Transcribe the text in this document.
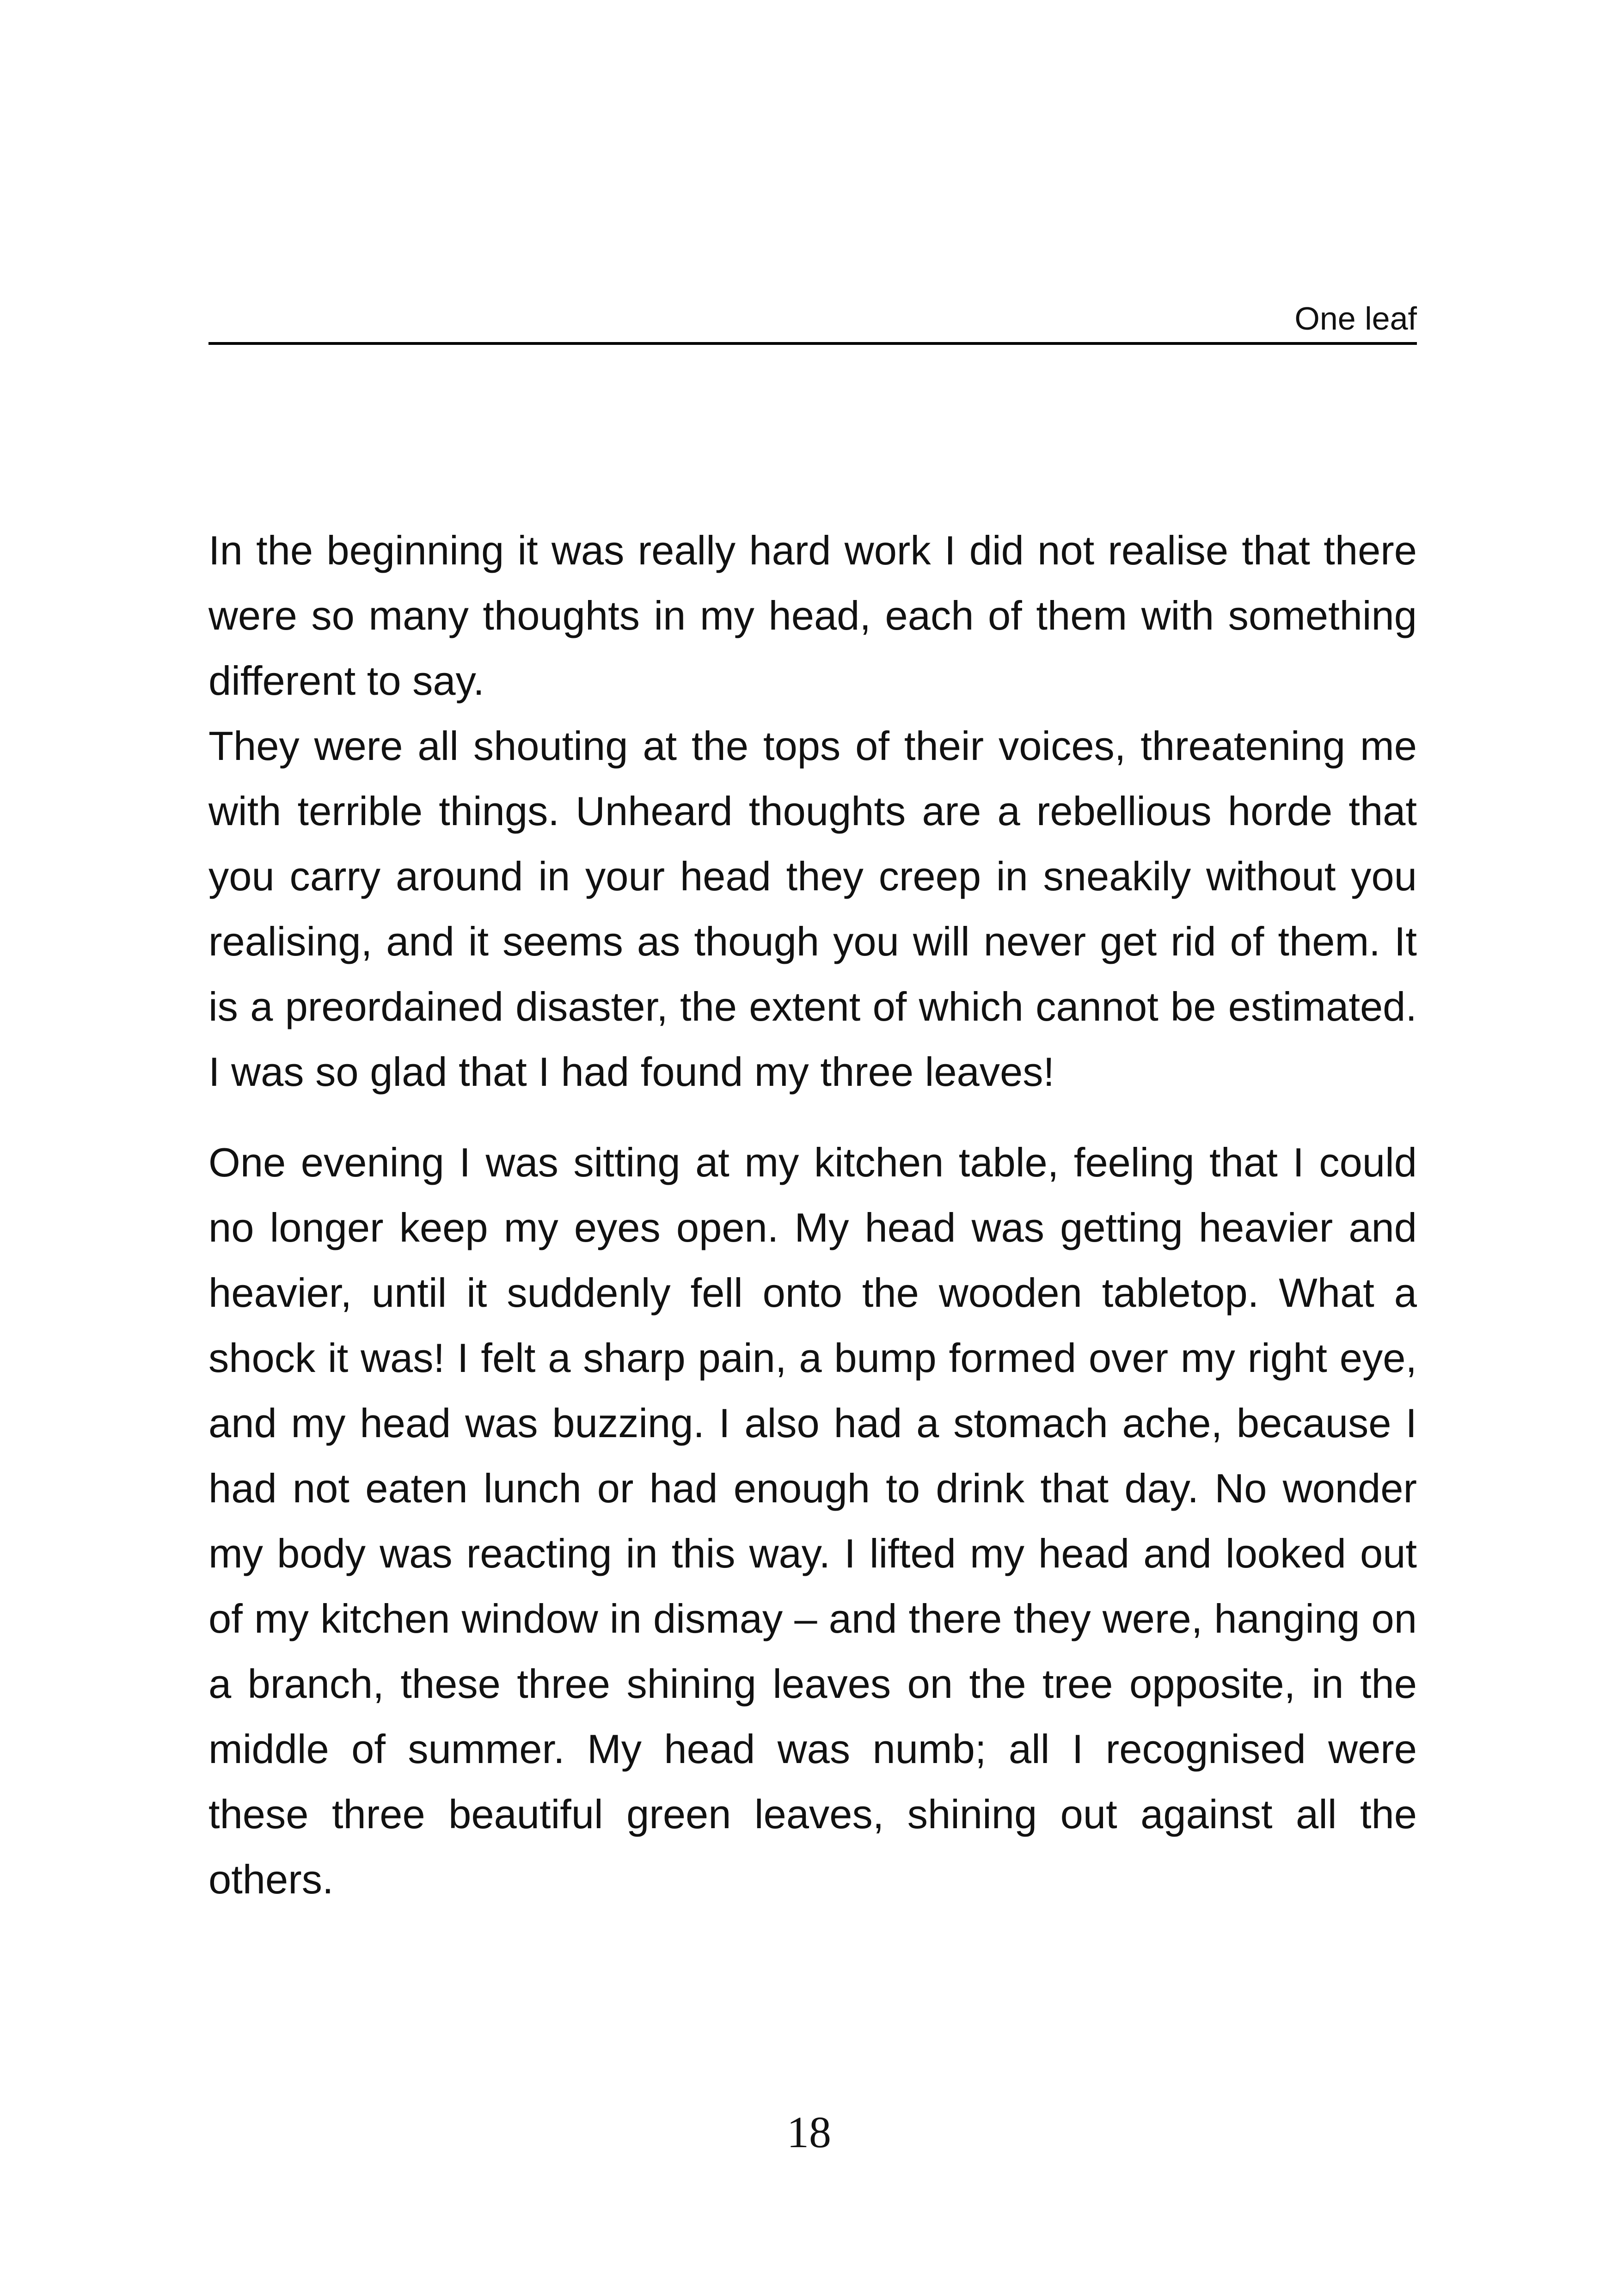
One leaf

In the beginning it was really hard work I did not realise that there were so many thoughts in my head, each of them with something different to say.

They were all shouting at the tops of their voices, threatening me with terrible things. Unheard thoughts are a rebellious horde that you carry around in your head they creep in sneakily without you realising, and it seems as though you will never get rid of them. It is a preordained disaster, the extent of which cannot be estimated. I was so glad that I had found my three leaves!

One evening I was sitting at my kitchen table, feeling that I could no longer keep my eyes open. My head was getting heavier and heavier, until it suddenly fell onto the wooden tabletop. What a shock it was! I felt a sharp pain, a bump formed over my right eye, and my head was buzzing. I also had a stomach ache, because I had not eaten lunch or had enough to drink that day. No wonder my body was reacting in this way. I lifted my head and looked out of my kitchen window in dismay – and there they were, hanging on a branch, these three shining leaves on the tree opposite, in the middle of summer. My head was numb; all I recognised were these three beautiful green leaves, shining out against all the others.

18
